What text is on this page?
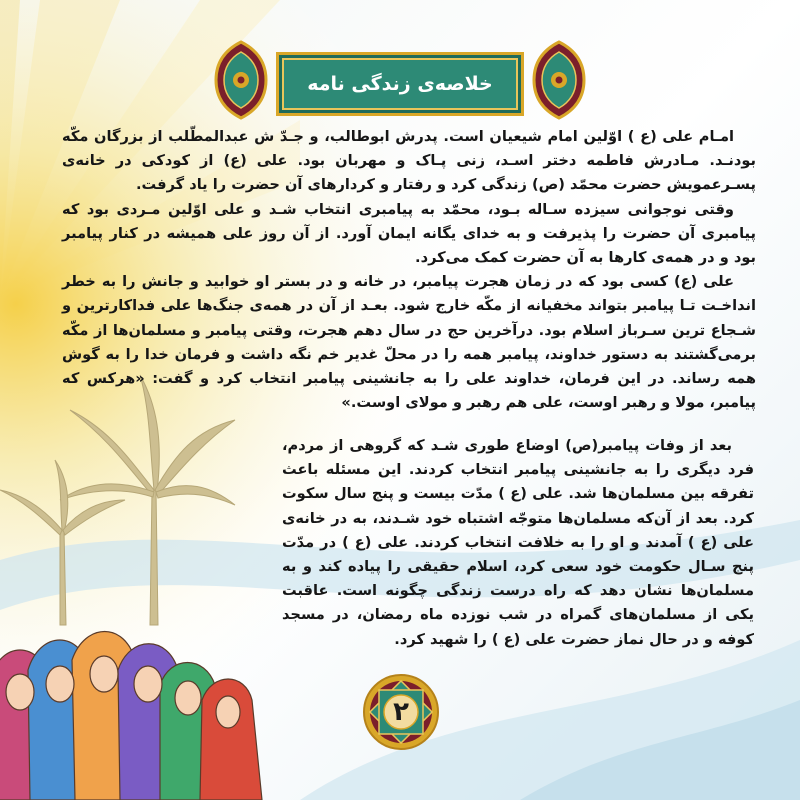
خلاصه‌ی زندگی نامه

امـام علی (ع ) اوّلین امام شیعیان است. پدرش ابوطالب، و جـدّ ش عبدالمطّلب از بزرگان مکّه بودنـد. مـادرش فاطمه دختر اسـد، زنی پـاک و مهربان بود. علی (ع) از کودکی در خانه‌ی پسـرعمویش حضرت محمّد (ص) زندگی کرد و رفتار و کردارهای آن حضرت را یاد گرفت.

وقتی نوجوانی سیزده سـاله بـود، محمّد به پیامبری انتخاب شـد و علی اوّلین مـردی بود که پیامبری آن حضرت را پذیرفت و به خدای یگانه ایمان آورد. از آن روز علی همیشه در کنار پیامبر بود و در همه‌ی کارها به آن حضرت کمک می‌کرد.

علی (ع) کسی بود که در زمان هجرت پیامبر، در خانه و در بستر او خوابید و جانش را به خطر انداخـت تـا پیامبر بتواند مخفیانه از مکّه خارج شود. بعـد از آن در همه‌ی جنگ‌ها علی فداکارترین و شـجاع ترین سـرباز اسلام بود. درآخرین حج در سال دهم هجرت، وقتی پیامبر و مسلمان‌ها از مکّه برمی‌گشتند به دستور خداوند، پیامبر همه را در محلّ غدیر خم نگه داشت و فرمان خدا را به گوش همه رساند. در این فرمان، خداوند علی را به جانشینی پیامبر انتخاب کرد و گفت: «هرکس که پیامبر، مولا و رهبر اوست، علی هم رهبر و مولای اوست.»

بعد از وفات پیامبر(ص) اوضاع طوری شـد که گروهی از مردم، فرد دیگری را به جانشینی پیامبر انتخاب کردند. این مسئله باعث تفرقه بین مسلمان‌ها شد. علی (ع ) مدّت بیست و پنج سال سکوت کرد. بعد از آن‌که مسلمان‌ها متوجّه اشتباه خود شـدند، به در خانه‌ی علی (ع ) آمدند و او را به خلافت انتخاب کردند. علی (ع ) در مدّت پنج سـال حکومت خود سعی کرد، اسلام حقیقی را پیاده کند و به مسلمان‌ها نشان دهد که راه درست زندگی چگونه است. عاقبت یکی از مسلمان‌های گمراه در شب نوزده ماه رمضان، در مسجد کوفه و در حال نماز حضرت علی (ع ) را شهید کرد.

۲
